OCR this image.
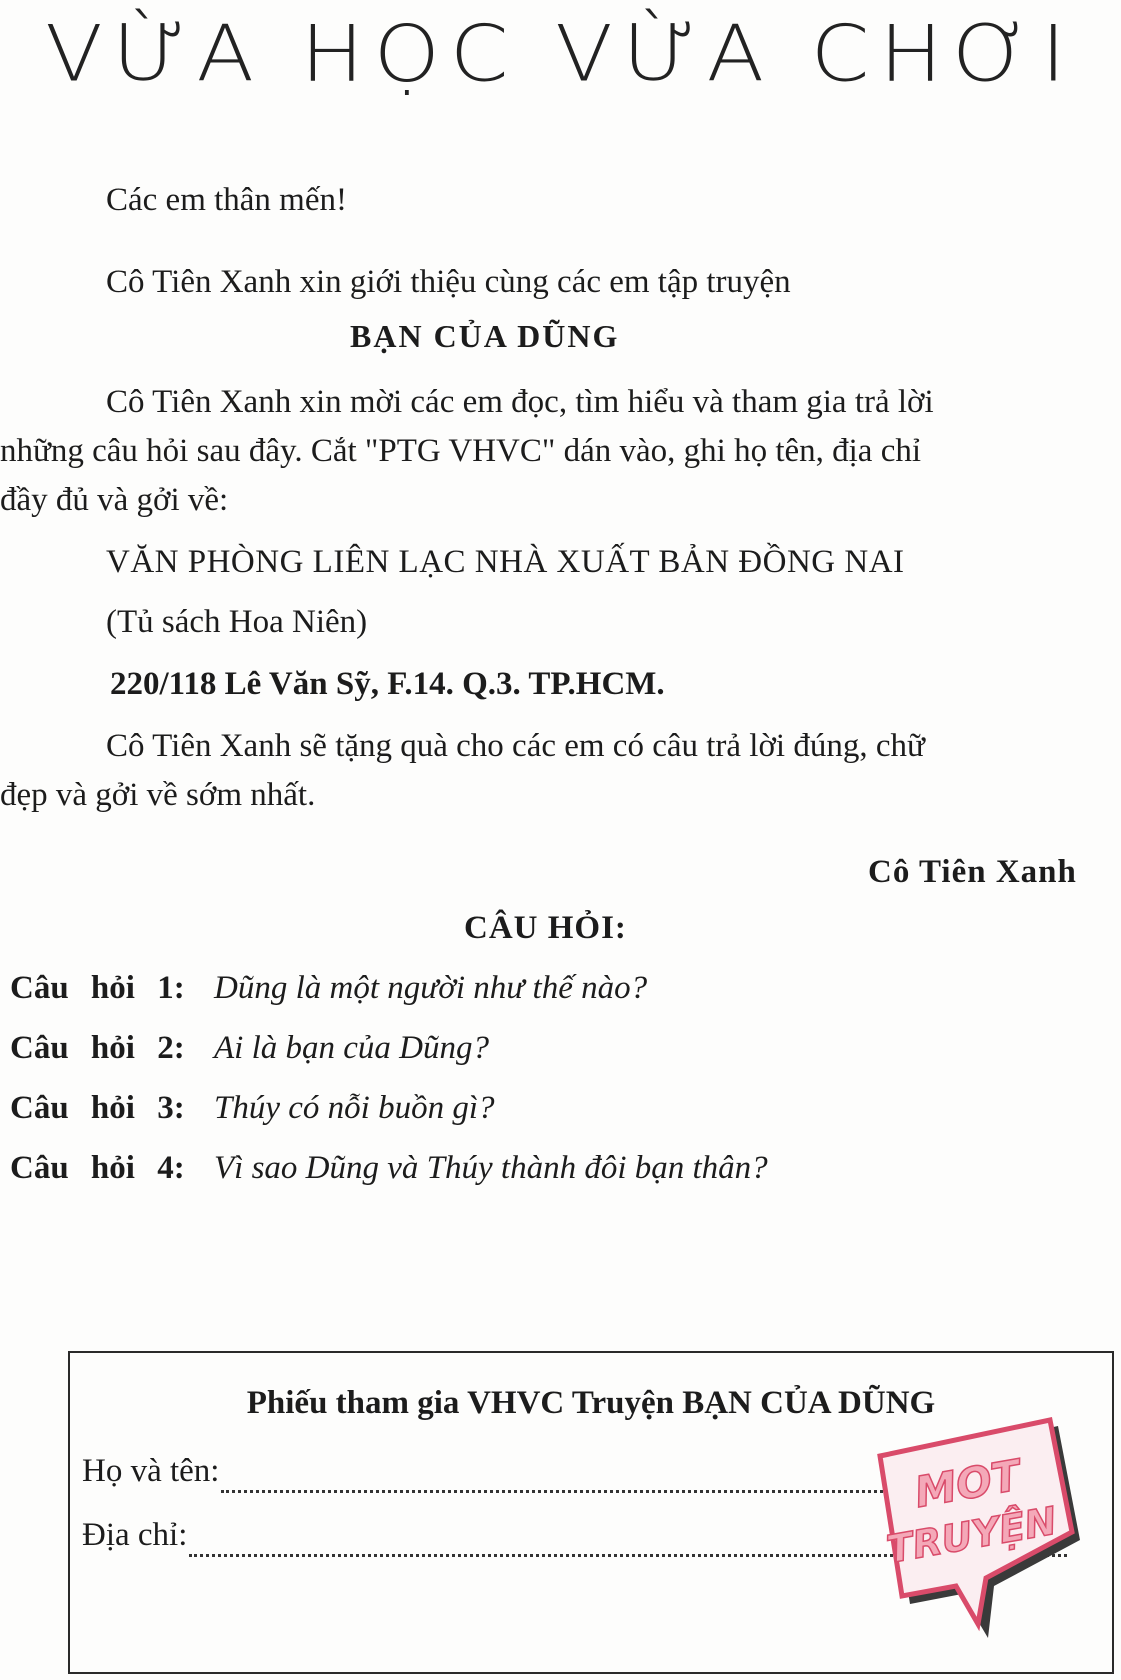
VỪA HỌC VỪA CHƠI
Các em thân mến!
Cô Tiên Xanh xin giới thiệu cùng các em tập truyện
BẠN CỦA DŨNG
Cô Tiên Xanh xin mời các em đọc, tìm hiểu và tham gia trả lời
những câu hỏi sau đây. Cắt "PTG VHVC" dán vào, ghi họ tên, địa chỉ
đầy đủ và gởi về:
VĂN PHÒNG LIÊN LẠC NHÀ XUẤT BẢN ĐỒNG NAI
(Tủ sách Hoa Niên)
220/118 Lê Văn Sỹ, F.14. Q.3. TP.HCM.
Cô Tiên Xanh sẽ tặng quà cho các em có câu trả lời đúng, chữ
đẹp và gởi về sớm nhất.
Cô Tiên Xanh
CÂU HỎI:
Câu hỏi 1: Dũng là một người như thế nào?
Câu hỏi 2: Ai là bạn của Dũng?
Câu hỏi 3: Thúy có nỗi buồn gì?
Câu hỏi 4: Vì sao Dũng và Thúy thành đôi bạn thân?
Phiếu tham gia VHVC Truyện BẠN CỦA DŨNG
Họ và tên:
Địa chỉ:
MOT
TRUYỆN
